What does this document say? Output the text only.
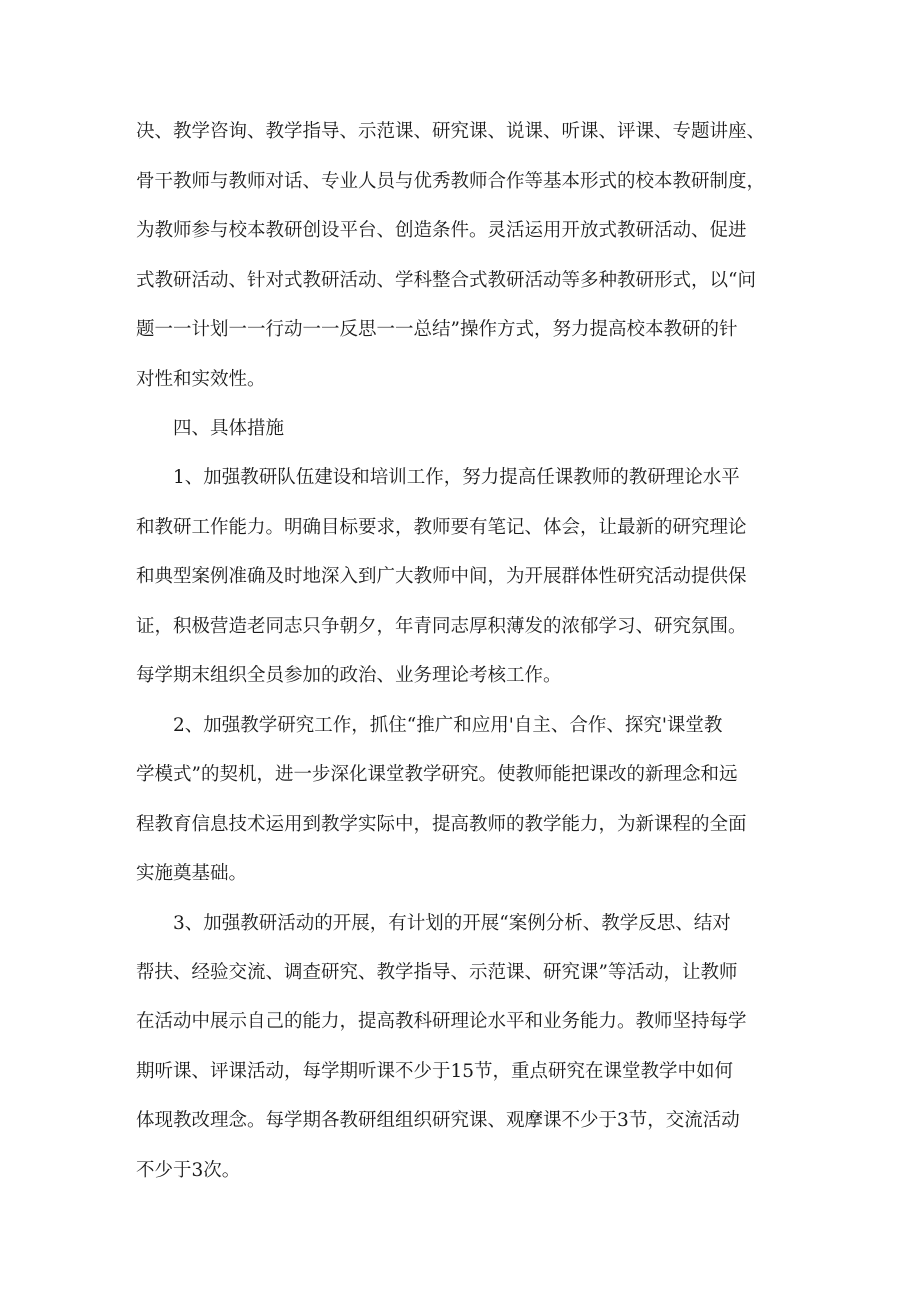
决、教学咨询、教学指导、示范课、研究课、说课、听课、评课、专题讲座、
骨干教师与教师对话、专业人员与优秀教师合作等基本形式的校本教研制度，
为教师参与校本教研创设平台、创造条件。灵活运用开放式教研活动、促进
式教研活动、针对式教研活动、学科整合式教研活动等多种教研形式，以“问
题一一计划一一行动一一反思一一总结”操作方式，努力提高校本教研的针
对性和实效性。
四、具体措施
1、加强教研队伍建设和培训工作，努力提高任课教师的教研理论水平
和教研工作能力。明确目标要求，教师要有笔记、体会，让最新的研究理论
和典型案例准确及时地深入到广大教师中间，为开展群体性研究活动提供保
证，积极营造老同志只争朝夕，年青同志厚积薄发的浓郁学习、研究氛围。
每学期末组织全员参加的政治、业务理论考核工作。
2、加强教学研究工作，抓住“推广和应用'自主、合作、探究'课堂教
学模式”的契机，进一步深化课堂教学研究。使教师能把课改的新理念和远
程教育信息技术运用到教学实际中，提高教师的教学能力，为新课程的全面
实施奠基础。
3、加强教研活动的开展，有计划的开展“案例分析、教学反思、结对
帮扶、经验交流、调查研究、教学指导、示范课、研究课”等活动，让教师
在活动中展示自己的能力，提高教科研理论水平和业务能力。教师坚持每学
期听课、评课活动，每学期听课不少于15节，重点研究在课堂教学中如何
体现教改理念。每学期各教研组组织研究课、观摩课不少于3节，交流活动
不少于3次。
